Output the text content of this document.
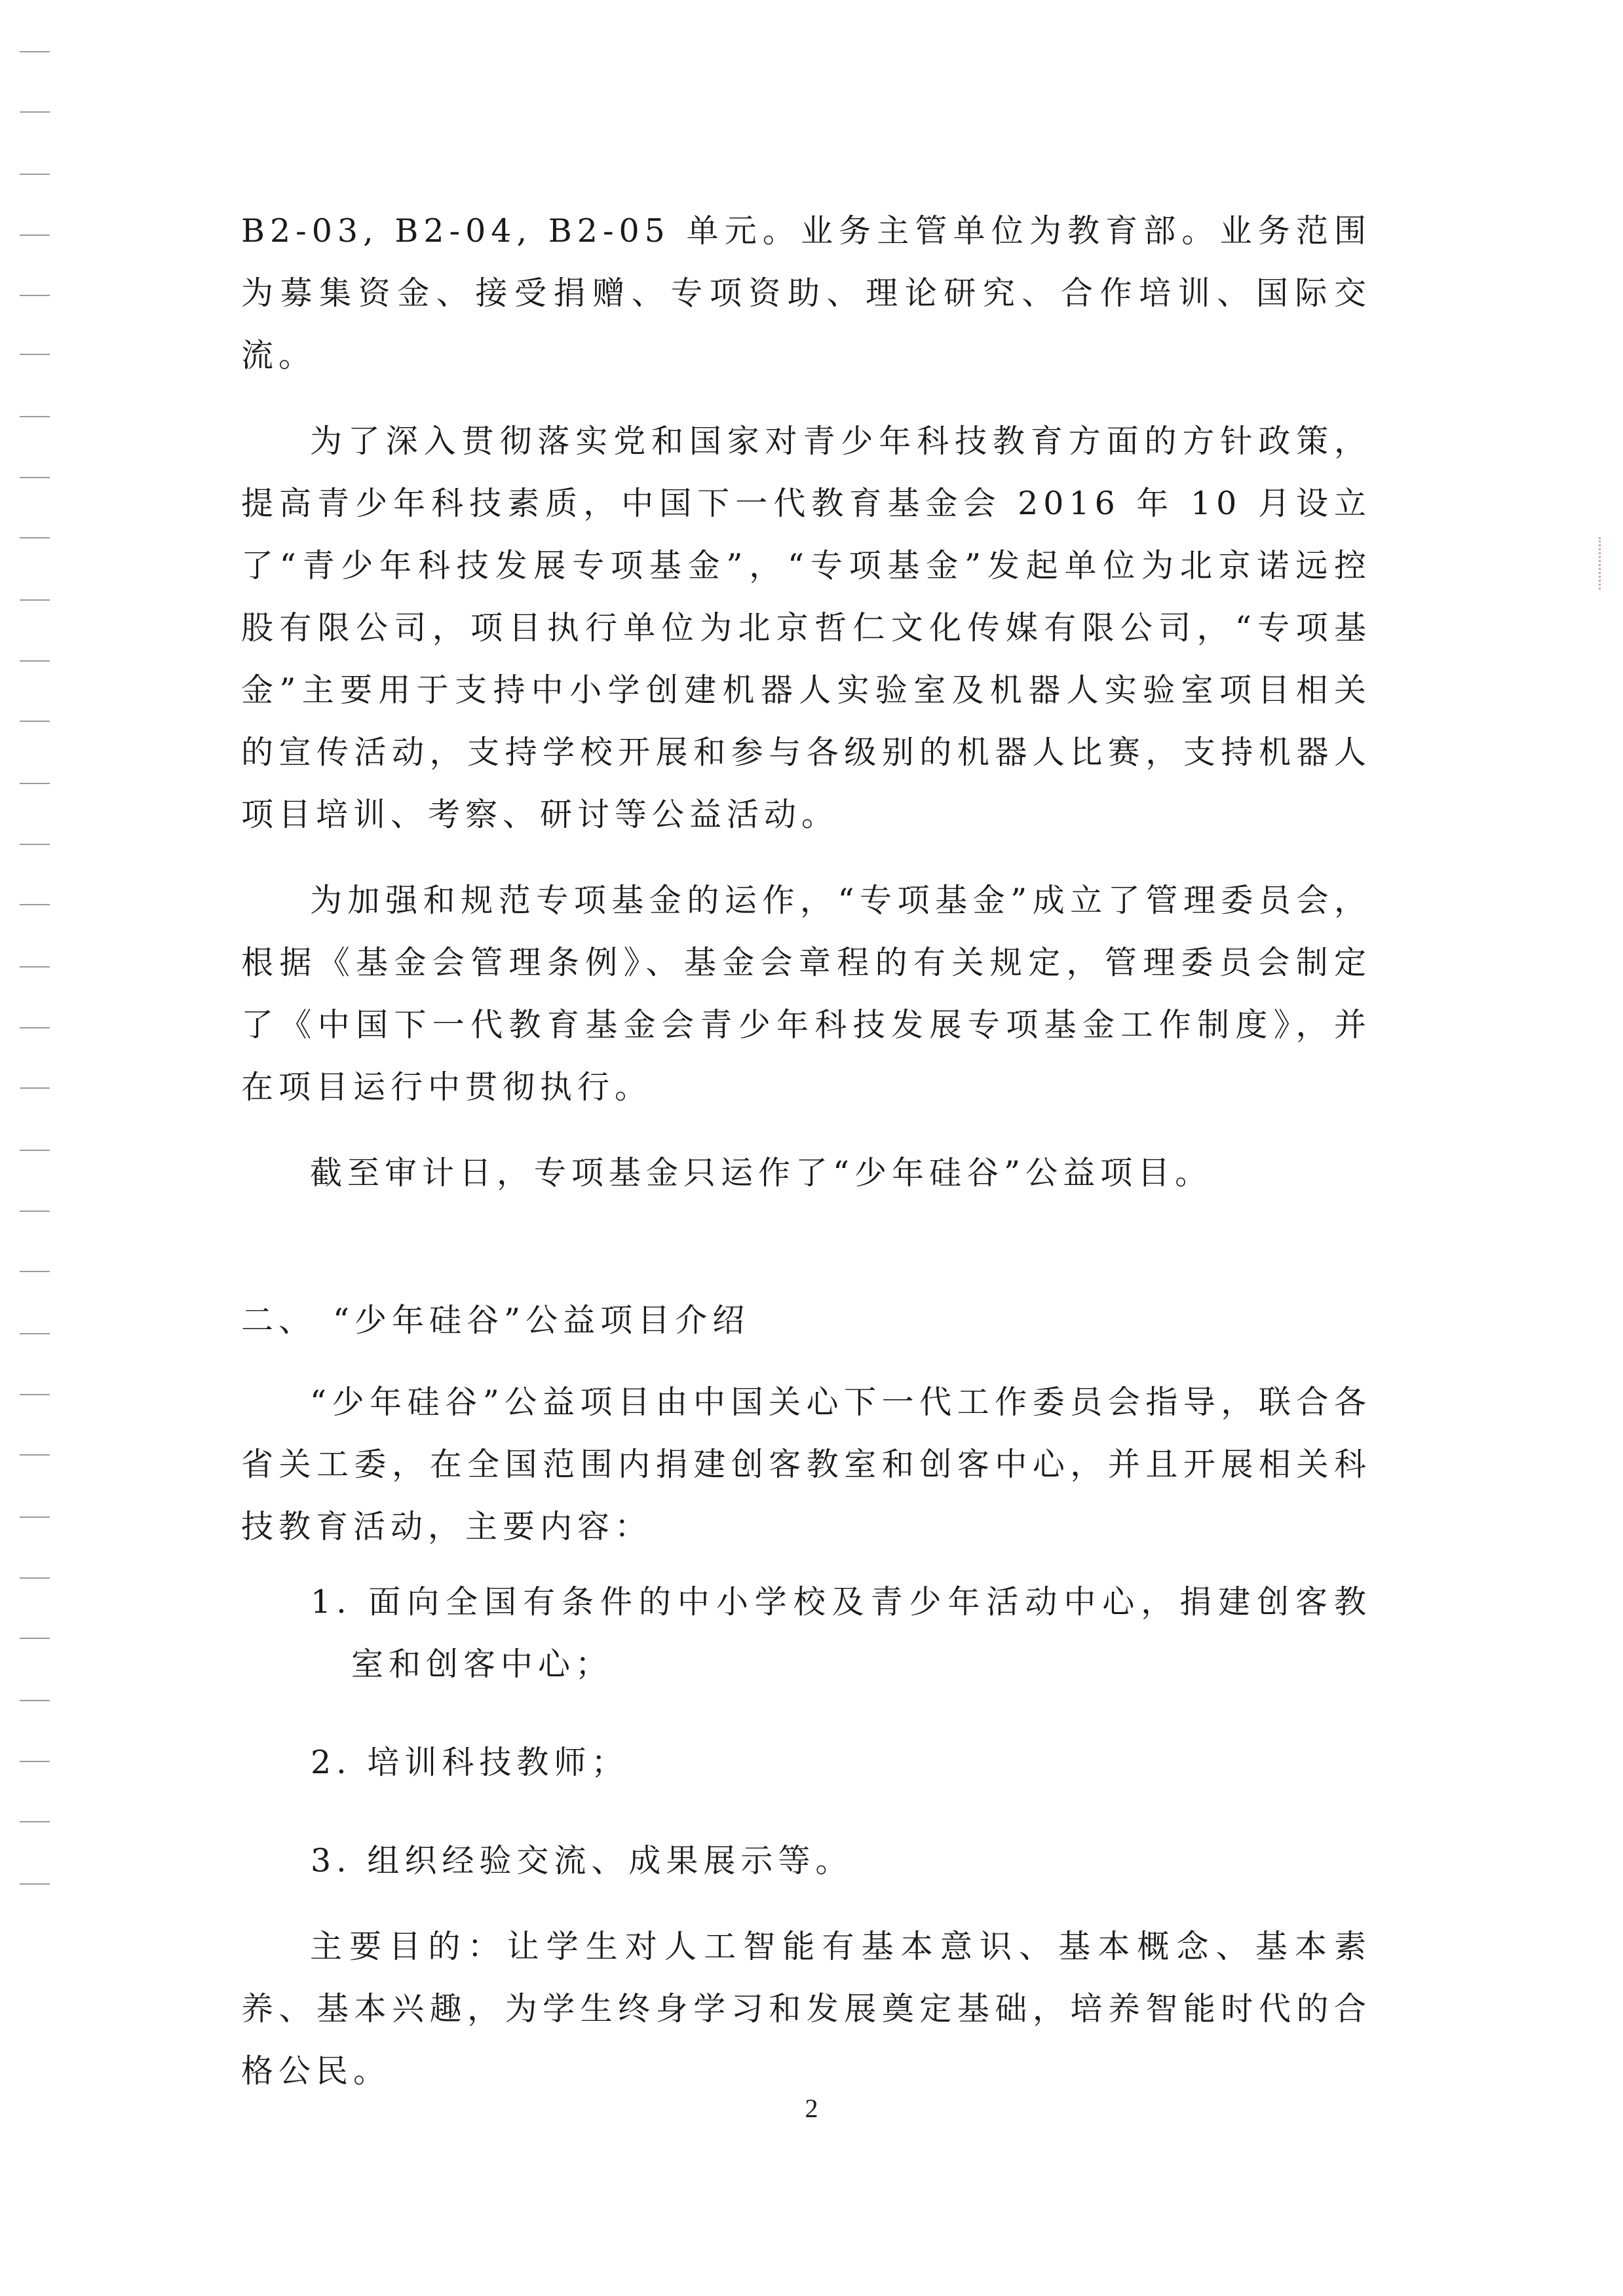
B2-03, B2-04, B2-05 单元。业务主管单位为教育部。业务范围为募集资金、接受捐赠、专项资助、理论研究、合作培训、国际交流。

为了深入贯彻落实党和国家对青少年科技教育方面的方针政策，提高青少年科技素质，中国下一代教育基金会 2016 年 10 月设立了“青少年科技发展专项基金”，“专项基金”发起单位为北京诺远控股有限公司，项目执行单位为北京哲仁文化传媒有限公司，“专项基金”主要用于支持中小学创建机器人实验室及机器人实验室项目相关的宣传活动，支持学校开展和参与各级别的机器人比赛，支持机器人项目培训、考察、研讨等公益活动。

为加强和规范专项基金的运作，“专项基金”成立了管理委员会，根据《基金会管理条例》、基金会章程的有关规定，管理委员会制定了《中国下一代教育基金会青少年科技发展专项基金工作制度》，并在项目运行中贯彻执行。

截至审计日，专项基金只运作了“少年硅谷”公益项目。

二、 “少年硅谷”公益项目介绍

“少年硅谷”公益项目由中国关心下一代工作委员会指导，联合各省关工委，在全国范围内捐建创客教室和创客中心，并且开展相关科技教育活动，主要内容：

1. 面向全国有条件的中小学校及青少年活动中心，捐建创客教室和创客中心；

2. 培训科技教师；

3. 组织经验交流、成果展示等。

主要目的：让学生对人工智能有基本意识、基本概念、基本素养、基本兴趣，为学生终身学习和发展奠定基础，培养智能时代的合格公民。

2
